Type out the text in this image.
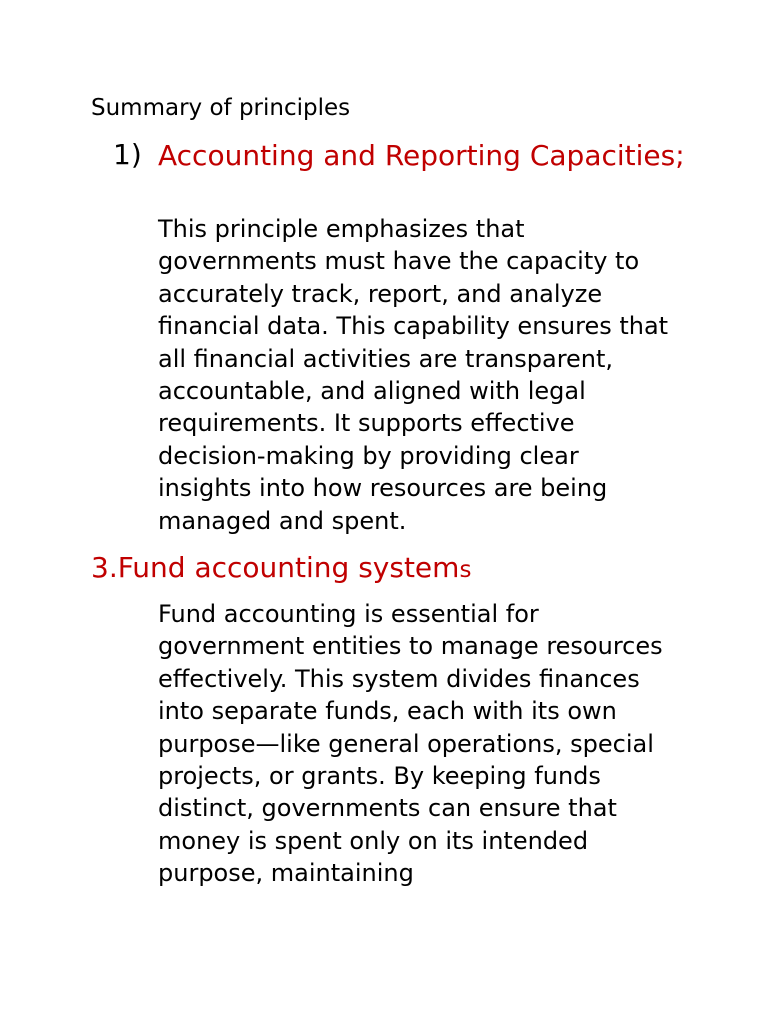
Summary of principles
1) Accounting and Reporting Capacities;
This principle emphasizes that governments must have the capacity to accurately track, report, and analyze financial data. This capability ensures that all financial activities are transparent, accountable, and aligned with legal requirements. It supports effective decision-making by providing clear insights into how resources are being managed and spent.
3.Fund accounting systems
Fund accounting is essential for government entities to manage resources effectively. This system divides finances into separate funds, each with its own purpose—like general operations, special projects, or grants. By keeping funds distinct, governments can ensure that money is spent only on its intended purpose, maintaining
